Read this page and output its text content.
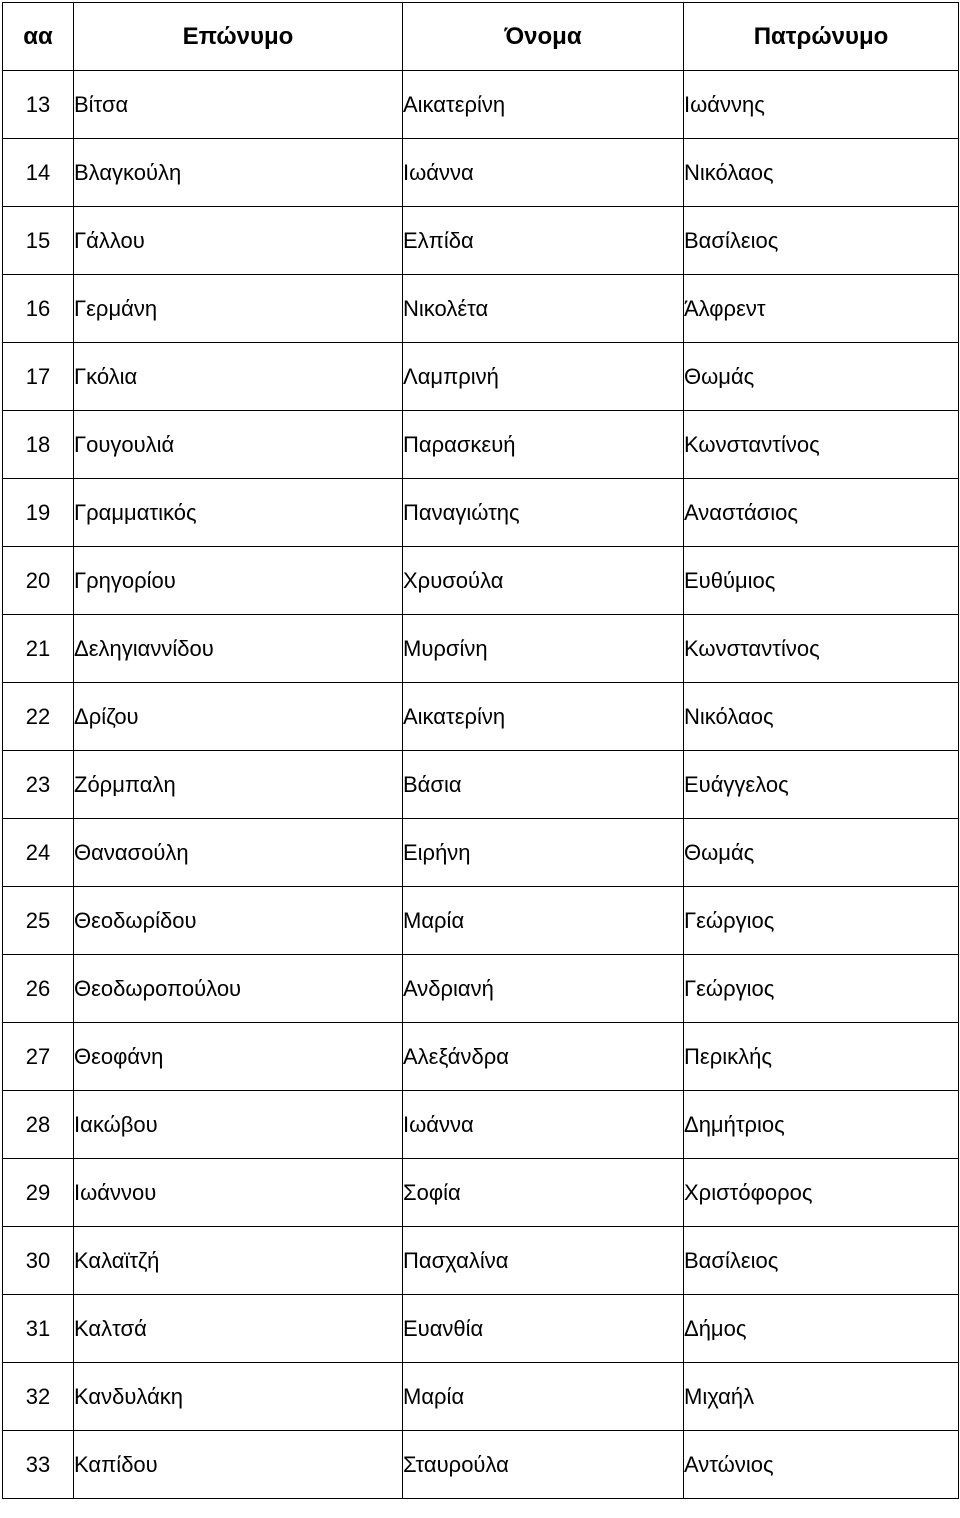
αα	Επώνυμο	Όνομα	Πατρώνυμο
13	Βίτσα	Αικατερίνη	Ιωάννης
14	Βλαγκούλη	Ιωάννα	Νικόλαος
15	Γάλλου	Ελπίδα	Βασίλειος
16	Γερμάνη	Νικολέτα	Άλφρεντ
17	Γκόλια	Λαμπρινή	Θωμάς
18	Γουγουλιά	Παρασκευή	Κωνσταντίνος
19	Γραμματικός	Παναγιώτης	Αναστάσιος
20	Γρηγορίου	Χρυσούλα	Ευθύμιος
21	Δεληγιαννίδου	Μυρσίνη	Κωνσταντίνος
22	Δρίζου	Αικατερίνη	Νικόλαος
23	Ζόρμπαλη	Βάσια	Ευάγγελος
24	Θανασούλη	Ειρήνη	Θωμάς
25	Θεοδωρίδου	Μαρία	Γεώργιος
26	Θεοδωροπούλου	Ανδριανή	Γεώργιος
27	Θεοφάνη	Αλεξάνδρα	Περικλής
28	Ιακώβου	Ιωάννα	Δημήτριος
29	Ιωάννου	Σοφία	Χριστόφορος
30	Καλαϊτζή	Πασχαλίνα	Βασίλειος
31	Καλτσά	Ευανθία	Δήμος
32	Κανδυλάκη	Μαρία	Μιχαήλ
33	Καπίδου	Σταυρούλα	Αντώνιος
